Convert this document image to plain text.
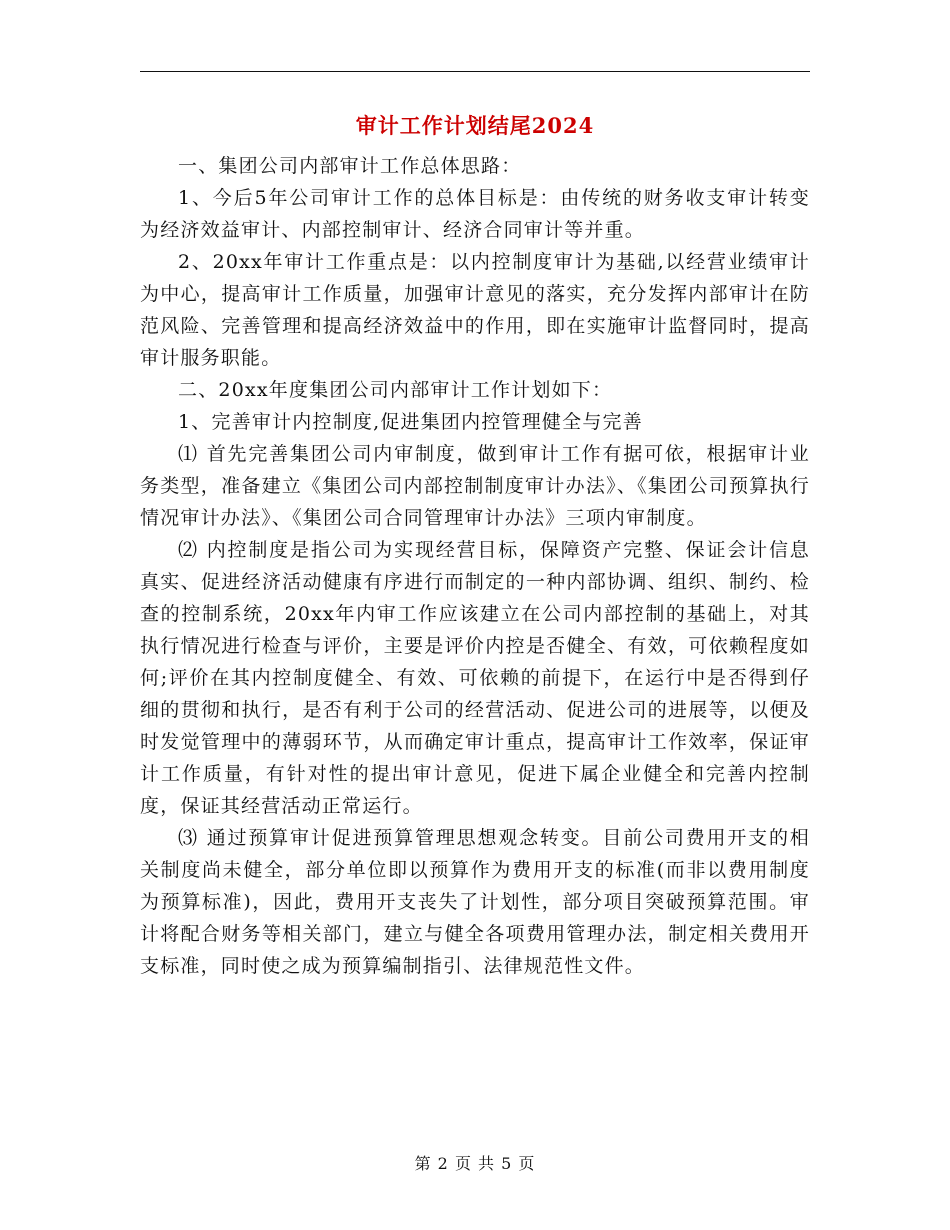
审计工作计划结尾2024

一、集团公司内部审计工作总体思路：

1、今后5年公司审计工作的总体目标是：由传统的财务收支审计转变为经济效益审计、内部控制审计、经济合同审计等并重。

2、20xx年审计工作重点是：以内控制度审计为基础,以经营业绩审计为中心，提高审计工作质量，加强审计意见的落实，充分发挥内部审计在防范风险、完善管理和提高经济效益中的作用，即在实施审计监督同时，提高审计服务职能。

二、20xx年度集团公司内部审计工作计划如下：

1、完善审计内控制度,促进集团内控管理健全与完善

⑴ 首先完善集团公司内审制度，做到审计工作有据可依，根据审计业务类型，准备建立《集团公司内部控制制度审计办法》、《集团公司预算执行情况审计办法》、《集团公司合同管理审计办法》三项内审制度。

⑵ 内控制度是指公司为实现经营目标，保障资产完整、保证会计信息真实、促进经济活动健康有序进行而制定的一种内部协调、组织、制约、检查的控制系统，20xx年内审工作应该建立在公司内部控制的基础上，对其执行情况进行检查与评价，主要是评价内控是否健全、有效，可依赖程度如何;评价在其内控制度健全、有效、可依赖的前提下，在运行中是否得到仔细的贯彻和执行，是否有利于公司的经营活动、促进公司的进展等，以便及时发觉管理中的薄弱环节，从而确定审计重点，提高审计工作效率，保证审计工作质量，有针对性的提出审计意见，促进下属企业健全和完善内控制度，保证其经营活动正常运行。

⑶ 通过预算审计促进预算管理思想观念转变。目前公司费用开支的相关制度尚未健全，部分单位即以预算作为费用开支的标准(而非以费用制度为预算标准)，因此，费用开支丧失了计划性，部分项目突破预算范围。审计将配合财务等相关部门，建立与健全各项费用管理办法，制定相关费用开支标准，同时使之成为预算编制指引、法律规范性文件。

第 2 页 共 5 页
